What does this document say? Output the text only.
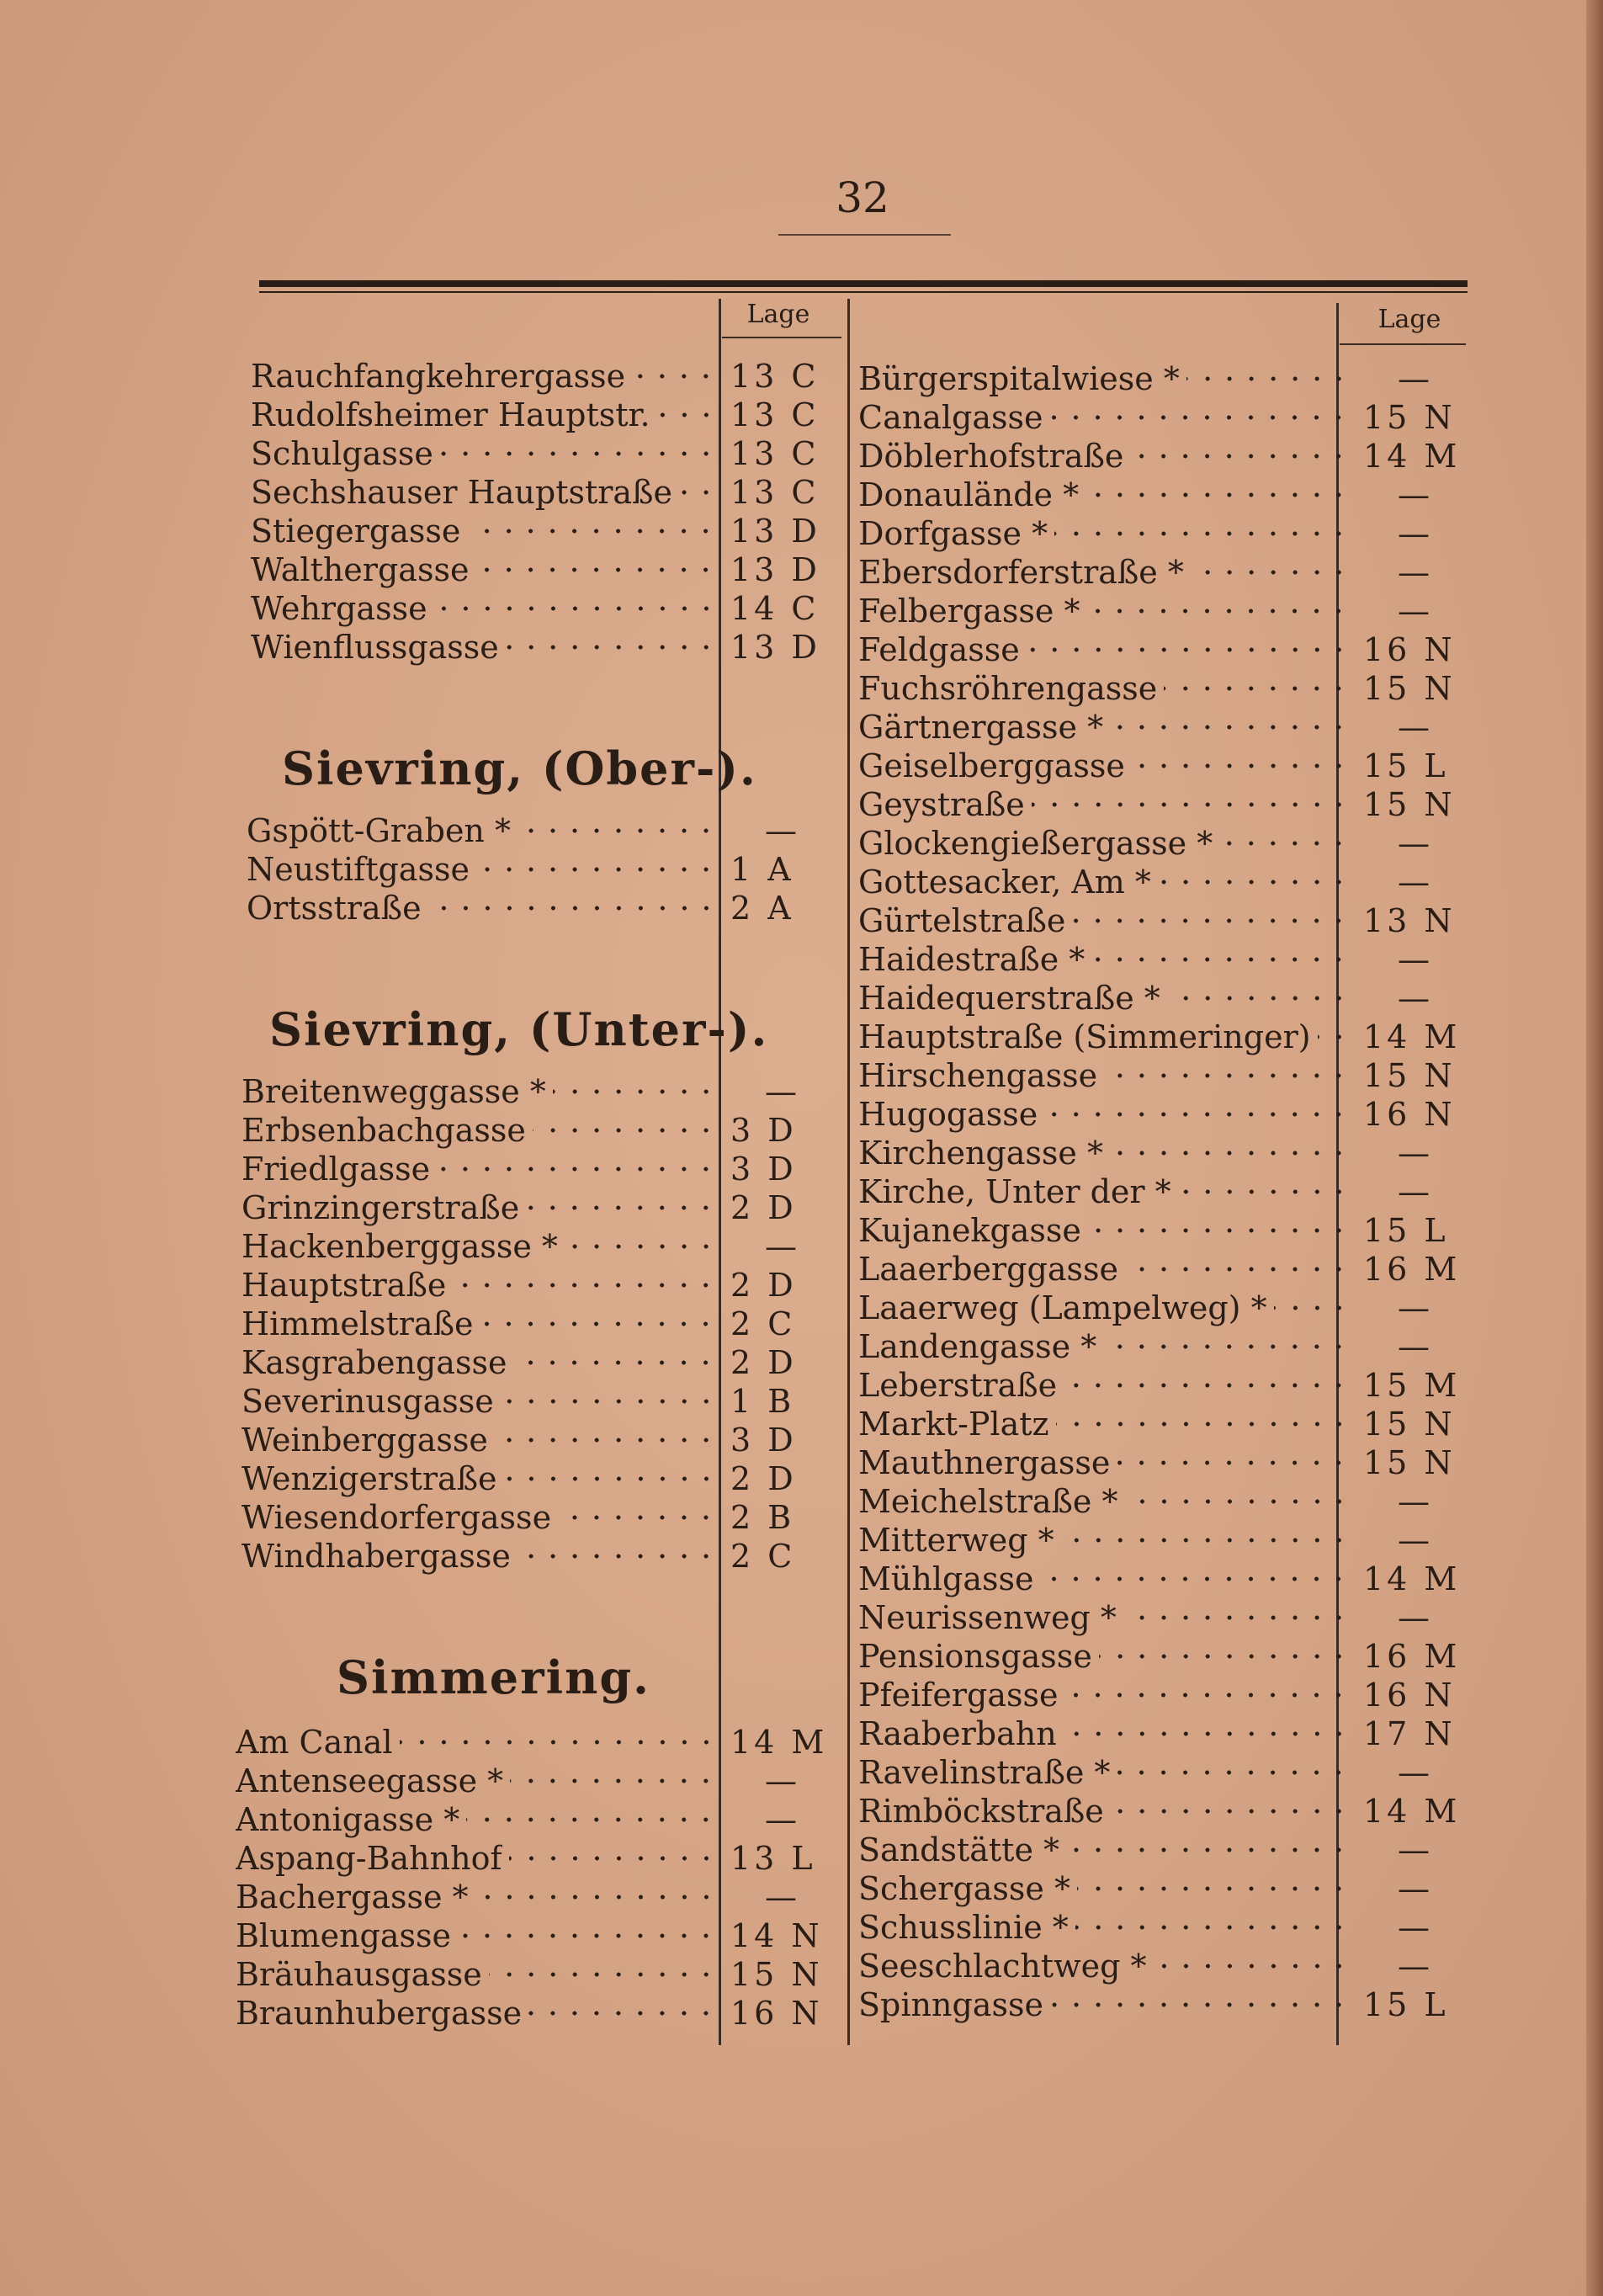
32
Lage	Lage
Rauchfangkehrergasse	13 C
Rudolfsheimer Hauptstr.	13 C
Schulgasse	13 C
Sechshauser Hauptstraße 13 C
Stiegergasse	13 D
Walthergasse	13 D
Wehrgasse	14 C
Wienflussgasse	13 D
Sievring, (Ober-).
Gspött-Graben *	—
Neustiftgasse	1 A
Ortsstraße	2 A
Sievring, (Unter-).
Breitenweggasse *	—
Erbsenbachgasse	3 D
Friedlgasse	3 D
Grinzingerstraße	2 D
Hackenberggasse *	—
Hauptstraße	2 D
Himmelstraße	2 C
Kasgrabengasse	2 D
Severinusgasse	1 B
Weinberggasse	3 D
Wenzigerstraße	2 D
Wiesendorfergasse	2 B
Windhabergasse	2 C
Simmering.
Am Canal	14 M
Antenseegasse *	—
Antonigasse *	—
Aspang-Bahnhof	13 L
Bachergasse *	—
Blumengasse	14 N
Bräuhausgasse	15 N
Braunhubergasse	16 N
Bürgerspitalwiese *	—
Canalgasse	15 N
Döblerhofstraße	14 M
Donaulände *	—
Dorfgasse *	—
Ebersdorferstraße *	—
Felbergasse *	—
Feldgasse	16 N
Fuchsröhrengasse	15 N
Gärtnergasse *	—
Geiselberggasse	15 L
Geystraße	15 N
Glockengießergasse *	—
Gottesacker, Am *	—
Gürtelstraße	13 N
Haidestraße *	—
Haidequerstraße *	—
Hauptstraße (Simmeringer) 14 M
Hirschengasse	15 N
Hugogasse	16 N
Kirchengasse *	—
Kirche, Unter der *	—
Kujanekgasse	15 L
Laaerberggasse	16 M
Laaerweg (Lampelweg) *	—
Landengasse *	—
Leberstraße	15 M
Markt-Platz	15 N
Mauthnergasse	15 N
Meichelstraße *	—
Mitterweg *	—
Mühlgasse	14 M
Neurissenweg *	—
Pensionsgasse	16 M
Pfeifergasse	16 N
Raaberbahn	17 N
Ravelinstraße *	—
Rimböckstraße	14 M
Sandstätte *	—
Schergasse *	—
Schusslinie *	—
Seeschlachtweg *	—
Spinngasse	15 L
